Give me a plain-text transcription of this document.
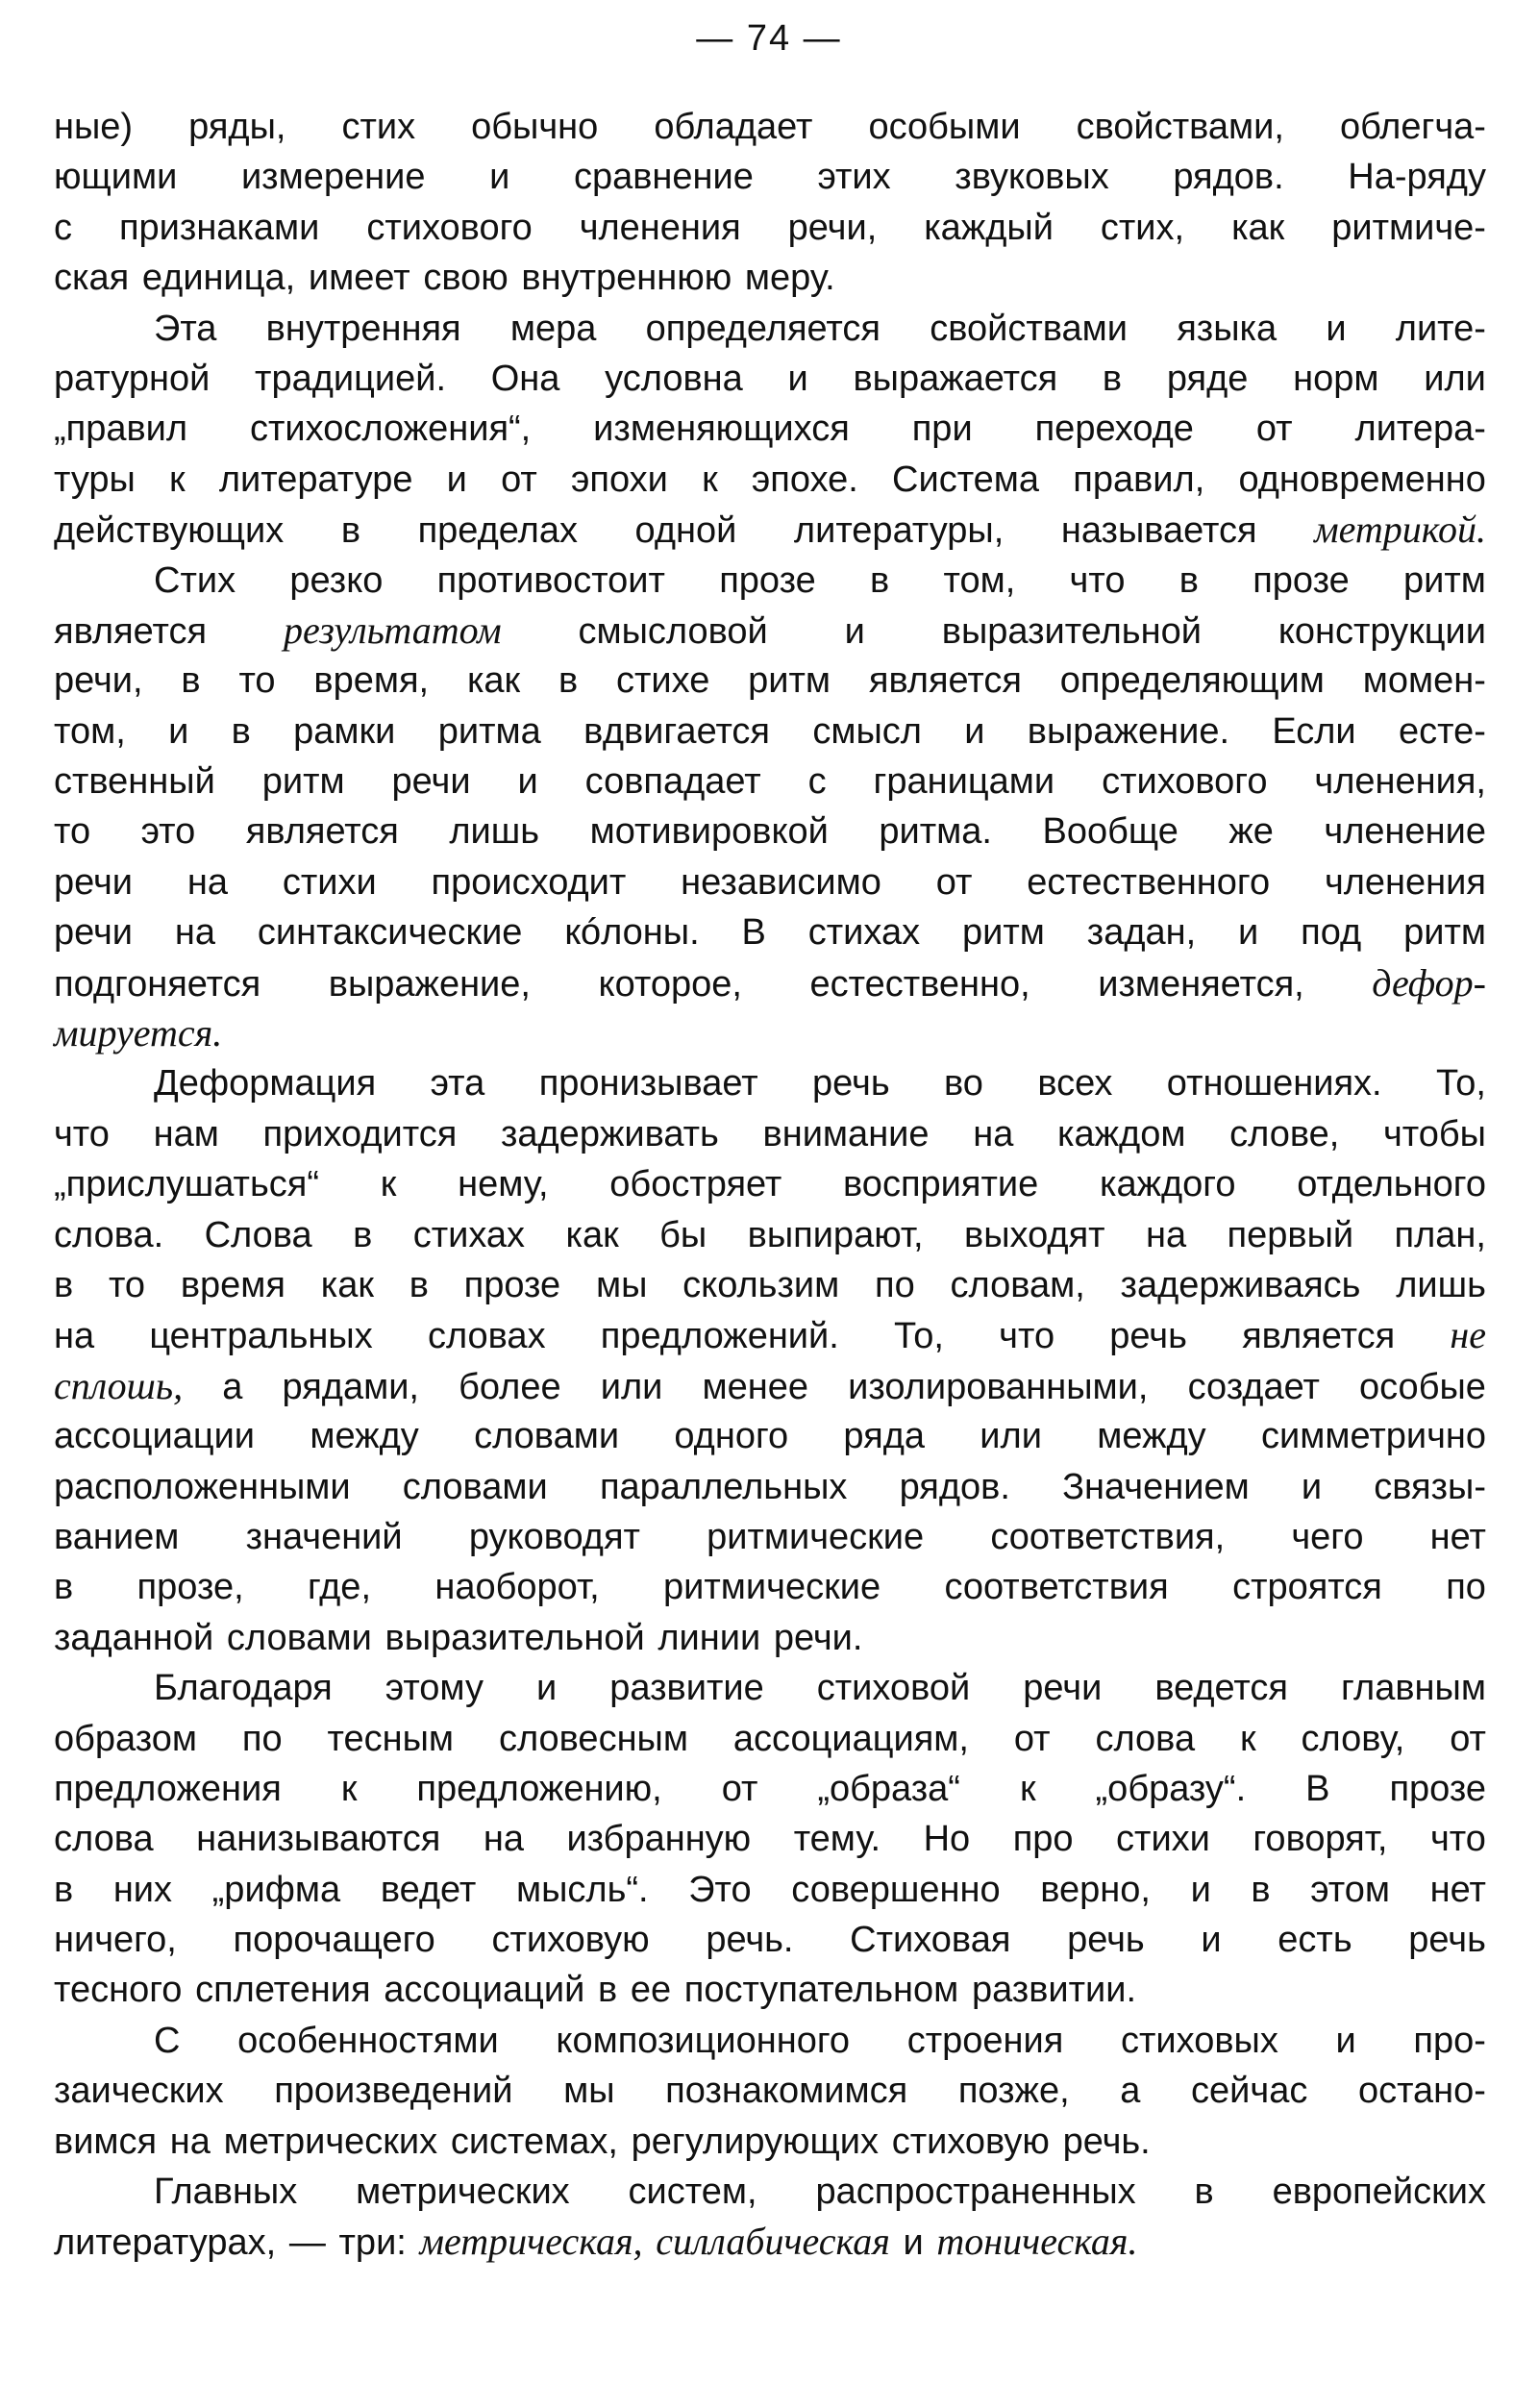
— 74 —
ные) ряды, стих обычно обладает особыми свойствами, облегча-
ющими измерение и сравнение этих звуковых рядов. На-ряду
с признаками стихового членения речи, каждый стих, как ритмиче-
ская единица, имеет свою внутреннюю меру.
Эта внутренняя мера определяется свойствами языка и лите-
ратурной традицией. Она условна и выражается в ряде норм или
„правил стихосложения“, изменяющихся при переходе от литера-
туры к литературе и от эпохи к эпохе. Система правил, одновременно
действующих в пределах одной литературы, называется метрикой.
Стих резко противостоит прозе в том, что в прозе ритм
является результатом смысловой и выразительной конструкции
речи, в то время, как в стихе ритм является определяющим момен-
том, и в рамки ритма вдвигается смысл и выражение. Если есте-
ственный ритм речи и совпадает с границами стихового членения,
то это является лишь мотивировкой ритма. Вообще же членение
речи на стихи происходит независимо от естественного членения
речи на синтаксические кóлоны. В стихах ритм задан, и под ритм
подгоняется выражение, которое, естественно, изменяется, дефор-
мируется.
Деформация эта пронизывает речь во всех отношениях. То,
что нам приходится задерживать внимание на каждом слове, чтобы
„прислушаться“ к нему, обостряет восприятие каждого отдельного
слова. Слова в стихах как бы выпирают, выходят на первый план,
в то время как в прозе мы скользим по словам, задерживаясь лишь
на центральных словах предложений. То, что речь является не
сплошь, а рядами, более или менее изолированными, создает особые
ассоциации между словами одного ряда или между симметрично
расположенными словами параллельных рядов. Значением и связы-
ванием значений руководят ритмические соответствия, чего нет
в прозе, где, наоборот, ритмические соответствия строятся по
заданной словами выразительной линии речи.
Благодаря этому и развитие стиховой речи ведется главным
образом по тесным словесным ассоциациям, от слова к слову, от
предложения к предложению, от „образа“ к „образу“. В прозе
слова нанизываются на избранную тему. Но про стихи говорят, что
в них „рифма ведет мысль“. Это совершенно верно, и в этом нет
ничего, порочащего стиховую речь. Стиховая речь и есть речь
тесного сплетения ассоциаций в ее поступательном развитии.
С особенностями композиционного строения стиховых и про-
заических произведений мы познакомимся позже, а сейчас остано-
вимся на метрических системах, регулирующих стиховую речь.
Главных метрических систем, распространенных в европейских
литературах, — три: метрическая, силлабическая и тоническая.
